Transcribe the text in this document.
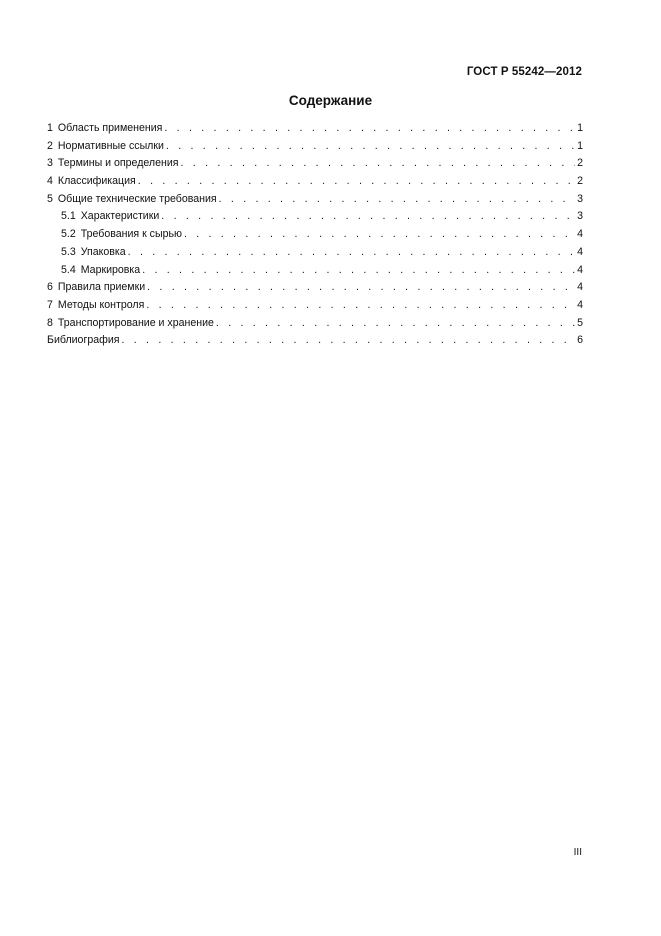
ГОСТ Р 55242—2012
Содержание
1 Область применения . . .	1
2 Нормативные ссылки . . .	1
3 Термины и определения . . .	2
4 Классификация . . .	2
5 Общие технические требования . . .	3
5.1 Характеристики . . .	3
5.2 Требования к сырью . . .	4
5.3 Упаковка . . .	4
5.4 Маркировка . . .	4
6 Правила приемки . . .	4
7 Методы контроля . . .	4
8 Транспортирование и хранение . . .	5
Библиография . . .	6
III
